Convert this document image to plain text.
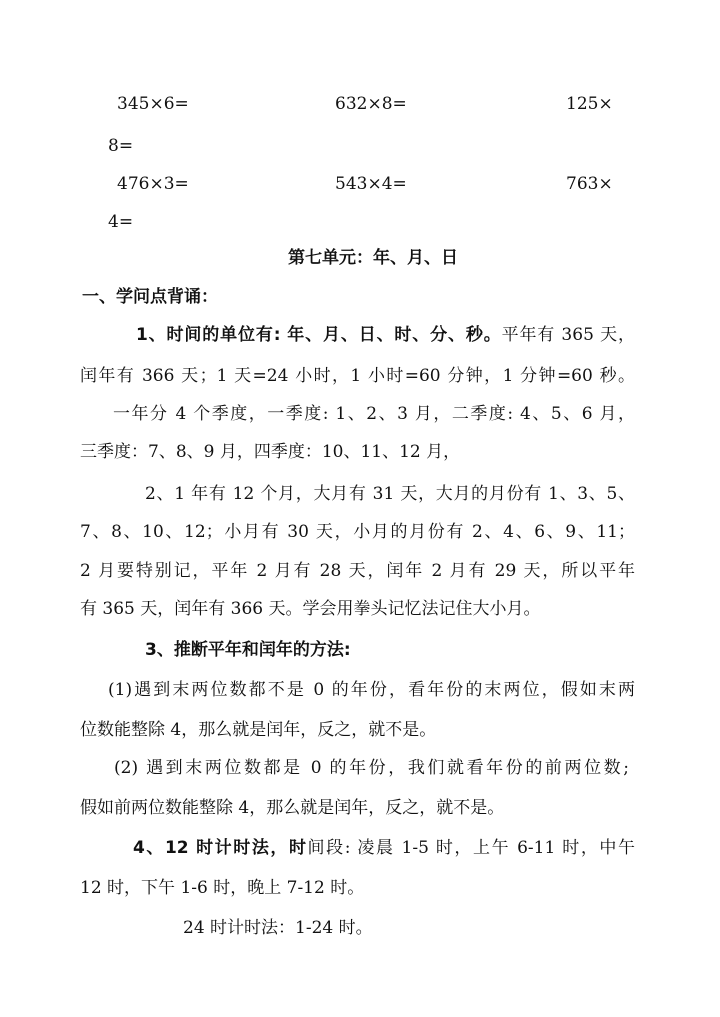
345×6=	632×8=	125×
8=
476×3=	543×4=	763×
4=
第七单元：年、月、日
一、学问点背诵：
1、时间的单位有: 年、月、日、时、分、秒。平年有 365 天，
闰年有 366 天；1 天=24 小时，1 小时=60 分钟，1 分钟=60 秒。
一年分 4 个季度，一季度: 1、2、3 月，二季度: 4、5、6 月，
三季度：7、8、9 月，四季度：10、11、12 月，
2、1 年有 12 个月，大月有 31 天，大月的月份有 1、3、5、
7、8、10、12；小月有 30 天，小月的月份有 2、4、6、9、11；
2 月要特别记，平年 2 月有 28 天，闰年 2 月有 29 天，所以平年
有 365 天，闰年有 366 天。学会用拳头记忆法记住大小月。
3、推断平年和闰年的方法:
(1)遇到末两位数都不是 0 的年份，看年份的末两位，假如末两
位数能整除 4，那么就是闰年，反之，就不是。
(2) 遇到末两位数都是 0 的年份，我们就看年份的前两位数;
假如前两位数能整除 4，那么就是闰年，反之，就不是。
4、12 时计时法，时间段: 凌晨 1-5 时，上午 6-11 时，中午
12 时，下午 1-6 时，晚上 7-12 时。
24 时计时法：1-24 时。
